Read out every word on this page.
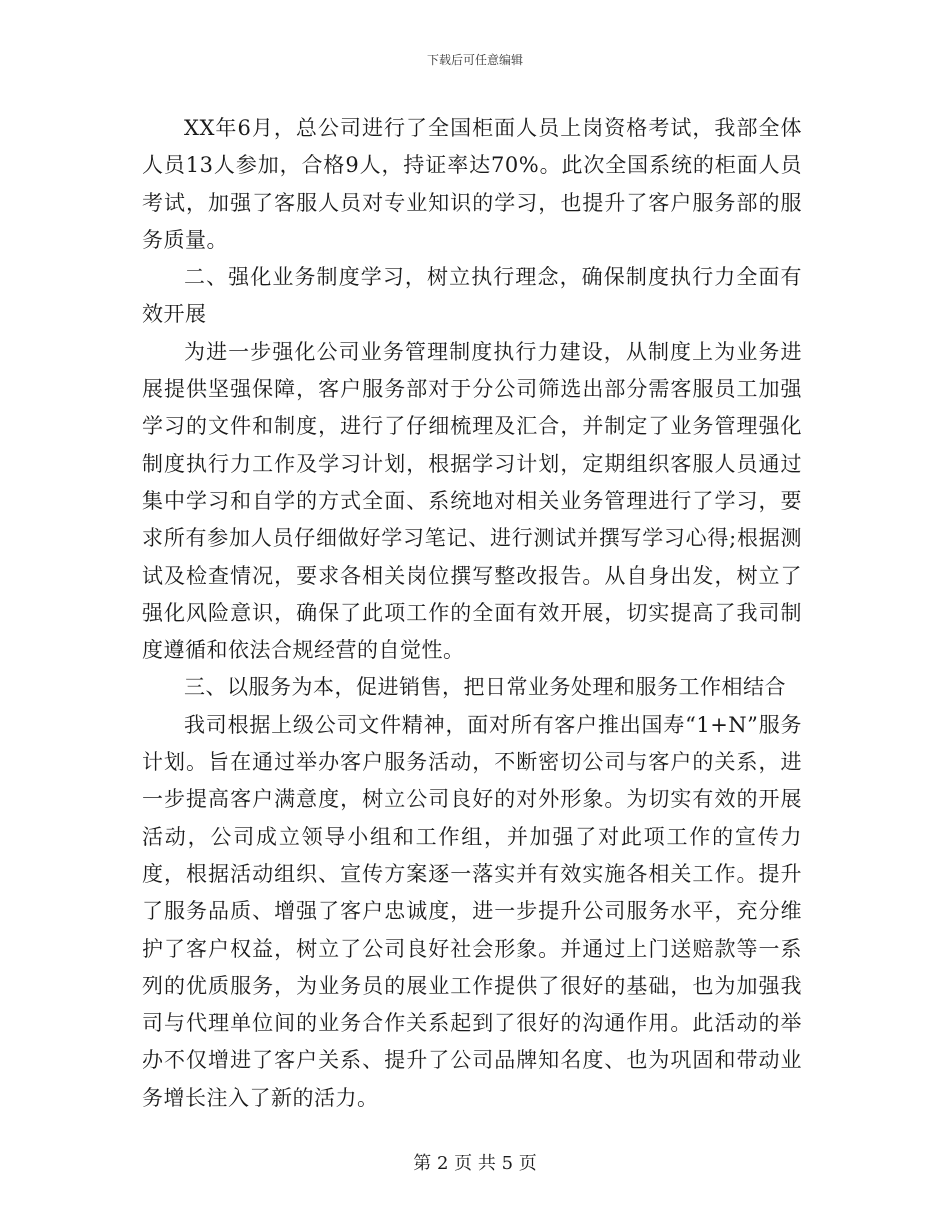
下载后可任意编辑

XX年6月，总公司进行了全国柜面人员上岗资格考试，我部全体人员13人参加，合格9人，持证率达70%。此次全国系统的柜面人员考试，加强了客服人员对专业知识的学习，也提升了客户服务部的服务质量。

二、强化业务制度学习，树立执行理念，确保制度执行力全面有效开展

为进一步强化公司业务管理制度执行力建设，从制度上为业务进展提供坚强保障，客户服务部对于分公司筛选出部分需客服员工加强学习的文件和制度，进行了仔细梳理及汇合，并制定了业务管理强化制度执行力工作及学习计划，根据学习计划，定期组织客服人员通过集中学习和自学的方式全面、系统地对相关业务管理进行了学习，要求所有参加人员仔细做好学习笔记、进行测试并撰写学习心得;根据测试及检查情况，要求各相关岗位撰写整改报告。从自身出发，树立了强化风险意识，确保了此项工作的全面有效开展，切实提高了我司制度遵循和依法合规经营的自觉性。

三、以服务为本，促进销售，把日常业务处理和服务工作相结合

我司根据上级公司文件精神，面对所有客户推出国寿“1+N”服务计划。旨在通过举办客户服务活动，不断密切公司与客户的关系，进一步提高客户满意度，树立公司良好的对外形象。为切实有效的开展活动，公司成立领导小组和工作组，并加强了对此项工作的宣传力度，根据活动组织、宣传方案逐一落实并有效实施各相关工作。提升了服务品质、增强了客户忠诚度，进一步提升公司服务水平，充分维护了客户权益，树立了公司良好社会形象。并通过上门送赔款等一系列的优质服务，为业务员的展业工作提供了很好的基础，也为加强我司与代理单位间的业务合作关系起到了很好的沟通作用。此活动的举办不仅增进了客户关系、提升了公司品牌知名度、也为巩固和带动业务增长注入了新的活力。

第 2 页 共 5 页
